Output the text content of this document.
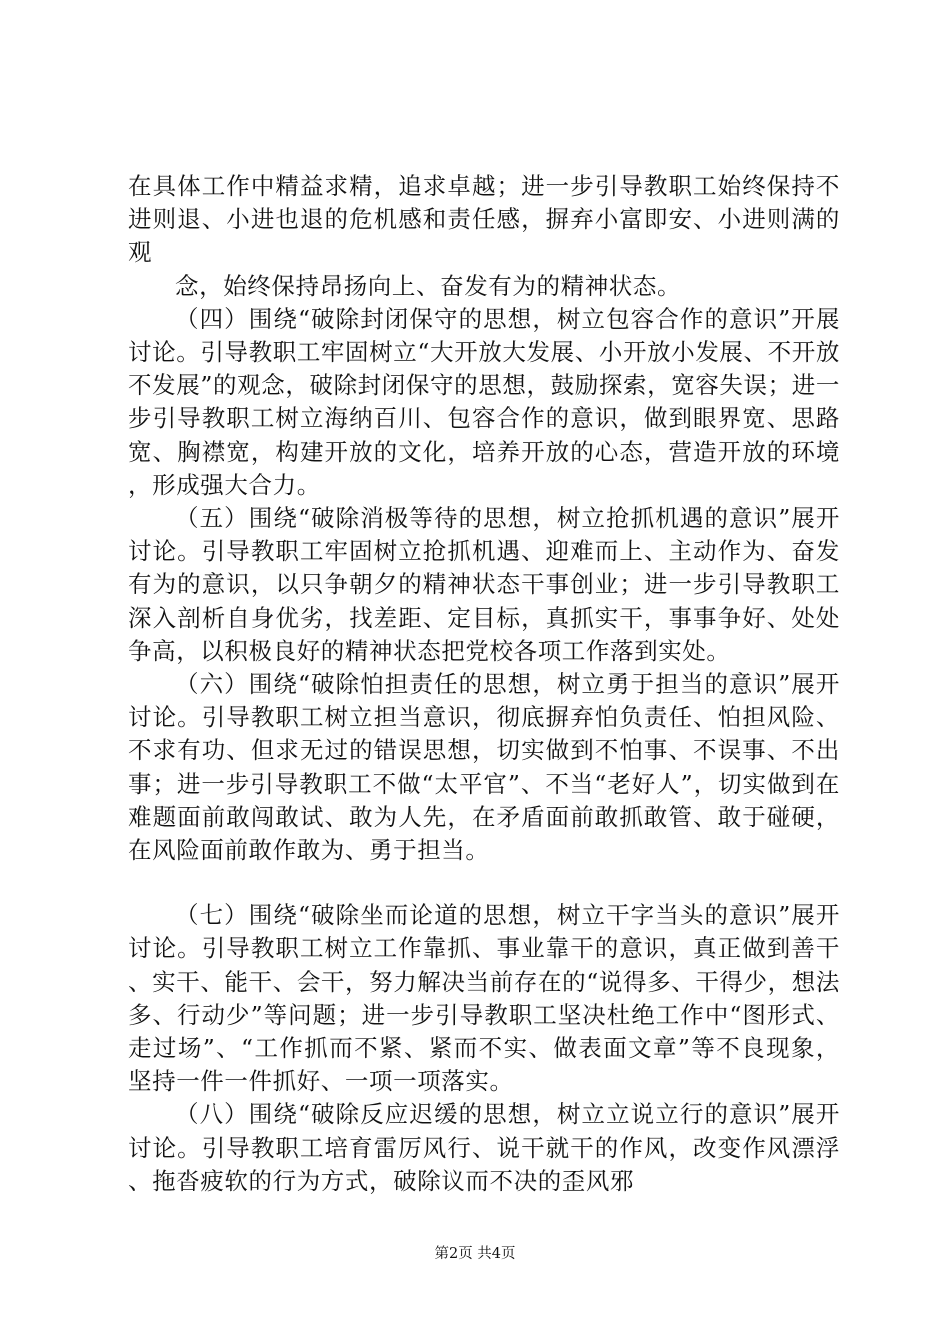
在具体工作中精益求精，追求卓越；进一步引导教职工始终保持不进则退、小进也退的危机感和责任感，摒弃小富即安、小进则满的观

念，始终保持昂扬向上、奋发有为的精神状态。

（四）围绕“破除封闭保守的思想，树立包容合作的意识”开展讨论。引导教职工牢固树立“大开放大发展、小开放小发展、不开放不发展”的观念，破除封闭保守的思想，鼓励探索，宽容失误；进一步引导教职工树立海纳百川、包容合作的意识，做到眼界宽、思路宽、胸襟宽，构建开放的文化，培养开放的心态，营造开放的环境，形成强大合力。

（五）围绕“破除消极等待的思想，树立抢抓机遇的意识”展开讨论。引导教职工牢固树立抢抓机遇、迎难而上、主动作为、奋发有为的意识，以只争朝夕的精神状态干事创业；进一步引导教职工深入剖析自身优劣，找差距、定目标，真抓实干，事事争好、处处争高，以积极良好的精神状态把党校各项工作落到实处。

（六）围绕“破除怕担责任的思想，树立勇于担当的意识”展开讨论。引导教职工树立担当意识，彻底摒弃怕负责任、怕担风险、不求有功、但求无过的错误思想，切实做到不怕事、不误事、不出事；进一步引导教职工不做“太平官”、不当“老好人”，切实做到在难题面前敢闯敢试、敢为人先，在矛盾面前敢抓敢管、敢于碰硬，在风险面前敢作敢为、勇于担当。

（七）围绕“破除坐而论道的思想，树立干字当头的意识”展开讨论。引导教职工树立工作靠抓、事业靠干的意识，真正做到善干、实干、能干、会干，努力解决当前存在的“说得多、干得少，想法多、行动少”等问题；进一步引导教职工坚决杜绝工作中“图形式、走过场”、“工作抓而不紧、紧而不实、做表面文章”等不良现象，坚持一件一件抓好、一项一项落实。

（八）围绕“破除反应迟缓的思想，树立立说立行的意识”展开讨论。引导教职工培育雷厉风行、说干就干的作风，改变作风漂浮、拖沓疲软的行为方式，破除议而不决的歪风邪

第2页 共4页
